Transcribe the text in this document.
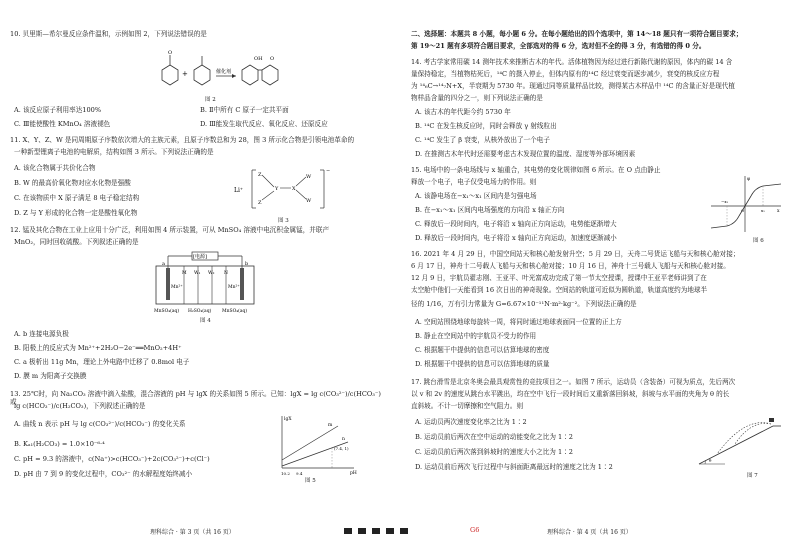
10. 贝里斯—希尔曼反应条件温和，示例如图 2，下列说法错误的是
O
+	催化剂
OH O
图 2
A. 该反应原子利用率达100%	B. Ⅱ中所有 C 原子一定共平面
C. Ⅲ能使酸性 KMnO₄ 溶液褪色	D. Ⅲ能发生取代反应、氧化反应、还原反应
11. X、Y、Z、W 是同周期原子序数依次增大的主族元素，且原子序数总和为 28，图 3 所示化合物是引领电池革命的
一种新型锂离子电池的电解质，结构如图 3 所示。下列说法正确的是
A. 该化合物属于共价化合物
B. W 的最高价氧化物对应水化物是强酸
C. 在该物质中 X 原子满足 8 电子稳定结构
D. Z 与 Y 形成的化合物一定是酸性氧化物
Li⁺
Z
Z
Y	X
W
W
−
图 3
12. 锰及其化合物在工业上应用十分广泛，利用如图 4 所示装置，可从 MnSO₄ 溶液中电沉积金属锰，并联产
MnO₂，同时回收硫酸。下列叙述正确的是
[电源]
a	b
M W₁ W₂ N
Mn²⁺	Mn²⁺
MnSO₄(aq) H₂SO₄(aq) MnSO₄(aq)
图 4
A. b 连接电源负极
B. 阳极上的反应式为 Mn²⁺+2H₂O−2e⁻══MnO₂+4H⁺
C. a 极析出 11g Mn，理论上外电路中迁移了 0.8mol 电子
D. 膜 m 为阳离子交换膜
13. 25℃时，向 Na₂CO₃ 溶液中滴入盐酸，混合溶液的 pH 与 lgX 的关系如图 5 所示。已知：lgX = lg c(CO₃²⁻)/c(HCO₃⁻) 或
lg c(HCO₃⁻)/c(H₂CO₃)，下列叙述正确的是
A. 曲线 n 表示 pH 与 lg c(CO₃²⁻)/c(HCO₃⁻) 的变化关系
B. Kₐ₁(H₂CO₃) = 1.0×10⁻⁶·⁴
C. pH = 9.3 的溶液中，c(Na⁺)>c(HCO₃⁻)+2c(CO₃²⁻)+c(Cl⁻)
D. pH 由 7 到 9 的变化过程中，CO₃²⁻ 的水解程度始终减小
lgX
pH
m
n
(7.4, 1)
10.2 9.4
图 5
理科综合 · 第 3 页（共 16 页）	G6
二、选择题：本题共 8 小题，每小题 6 分。在每小题给出的四个选项中，第 14～18 题只有一项符合题目要求；
第 19～21 题有多项符合题目要求，全部选对的得 6 分，选对但不全的得 3 分，有选错的得 0 分。
14. 考古学家常用碳 14 测年技术来推断古木的年代。活体植物因为经过进行新陈代谢的原因，体内的碳 14 含
量保持稳定，当植物枯死后，¹⁴C 的摄入停止，但体内原有的¹⁴C 经过衰变而逐步减少，衰变的核反应方程
为 ¹⁴₆C→¹⁴₇N+X，半衰期为 5730 年。现通过同等质量样品比较，测得某古木样品中 ¹⁴C 的含量正好是现代植
物样品含量的四分之一，则下列说法正确的是
A. 该古木的年代距今约 5730 年
B. ¹⁴C 在发生核反应时，同时会释放 γ 射线粒出
C. ¹⁴C 发生了 β 衰变，从核外放出了一个电子
D. 在推测古木年代时还需要考虑古木发现位置的温度、湿度等外部环境因素
15. 电场中的一条电场线与 x 轴重合，其电势的变化规律如图 6 所示。在 O 点由静止
释放一个电子，电子仅受电场力的作用。则
A. 该静电场在−x₁～x₁ 区间内是匀强电场
B. 在−x₁～x₁ 区间内电场强度的方向沿 x 轴正方向
C. 释放后一段时间内，电子将沿 x 轴向正方向运动，电势能逐渐增大
D. 释放后一段时间内，电子将沿 x 轴向正方向运动，加速度逐渐减小
φ
x
O
−x₁
x₁
图 6
16. 2021 年 4 月 29 日，中国空间站天和核心舱发射升空；5 月 29 日，天舟二号货运飞船与天和核心舱对接；
6 月 17 日，神舟十二号载人飞船与天和核心舱对接；10 月 16 日，神舟十三号载人飞船与天和核心舱对接。
12 月 9 日，宇航员翟志刚、王亚平、叶光富成功完成了第一节太空授课，授课中王亚平老师讲到了在
太空舱中他们一天能看到 16 次日出的神奇现象。空间站的轨道可近似为圆轨道，轨道高度约为地球半
径的 1/16，万有引力常量为 G=6.67×10⁻¹¹N·m²·kg⁻²。下列说法正确的是
A. 空间站围绕地球每旋转一周，将同时通过地球表面同一位置的正上方
B. 静止在空间站中的宇航员不受力的作用
C. 根据题干中提供的信息可以估算地球的密度
D. 根据题干中提供的信息可以估算地球的质量
17. 跳台滑雪是北京冬奥会最具观赏性的竞技项目之一。如图 7 所示，运动员（含装备）可视为质点，先后两次
以 v 和 2v 的速度从跳台水平跳出，均在空中飞行一段时间后又重新落回斜坡，斜坡与水平面的夹角为 θ 的长
直斜坡。不计一切摩擦和空气阻力。则
A. 运动员两次速度变化率之比为 1∶2
B. 运动员前后两次在空中运动的动能变化之比为 1∶2
C. 运动员前后两次落到斜坡时的速度大小之比为 1∶2
D. 运动员前后两次飞行过程中与斜面距离最远时的速度之比为 1∶2
θ
图 7
理科综合 · 第 4 页（共 16 页）
